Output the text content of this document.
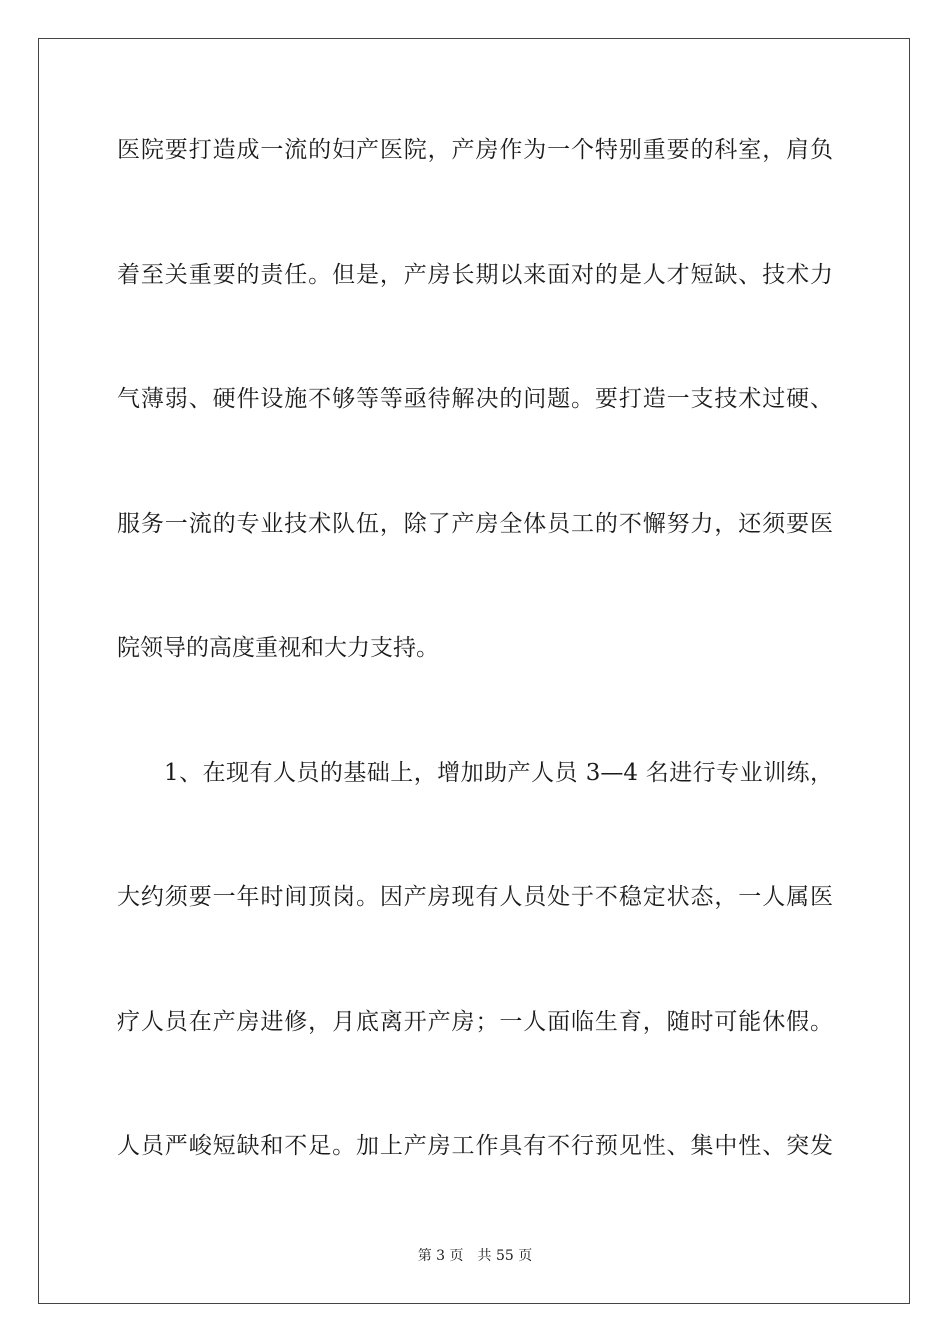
医院要打造成一流的妇产医院，产房作为一个特别重要的科室，肩负
着至关重要的责任。但是，产房长期以来面对的是人才短缺、技术力
气薄弱、硬件设施不够等等亟待解决的问题。要打造一支技术过硬、
服务一流的专业技术队伍，除了产房全体员工的不懈努力，还须要医
院领导的高度重视和大力支持。
1、在现有人员的基础上，增加助产人员 3—4 名进行专业训练，
大约须要一年时间顶岗。因产房现有人员处于不稳定状态，一人属医
疗人员在产房进修，月底离开产房；一人面临生育，随时可能休假。
人员严峻短缺和不足。加上产房工作具有不行预见性、集中性、突发
第 3 页　共 55 页
